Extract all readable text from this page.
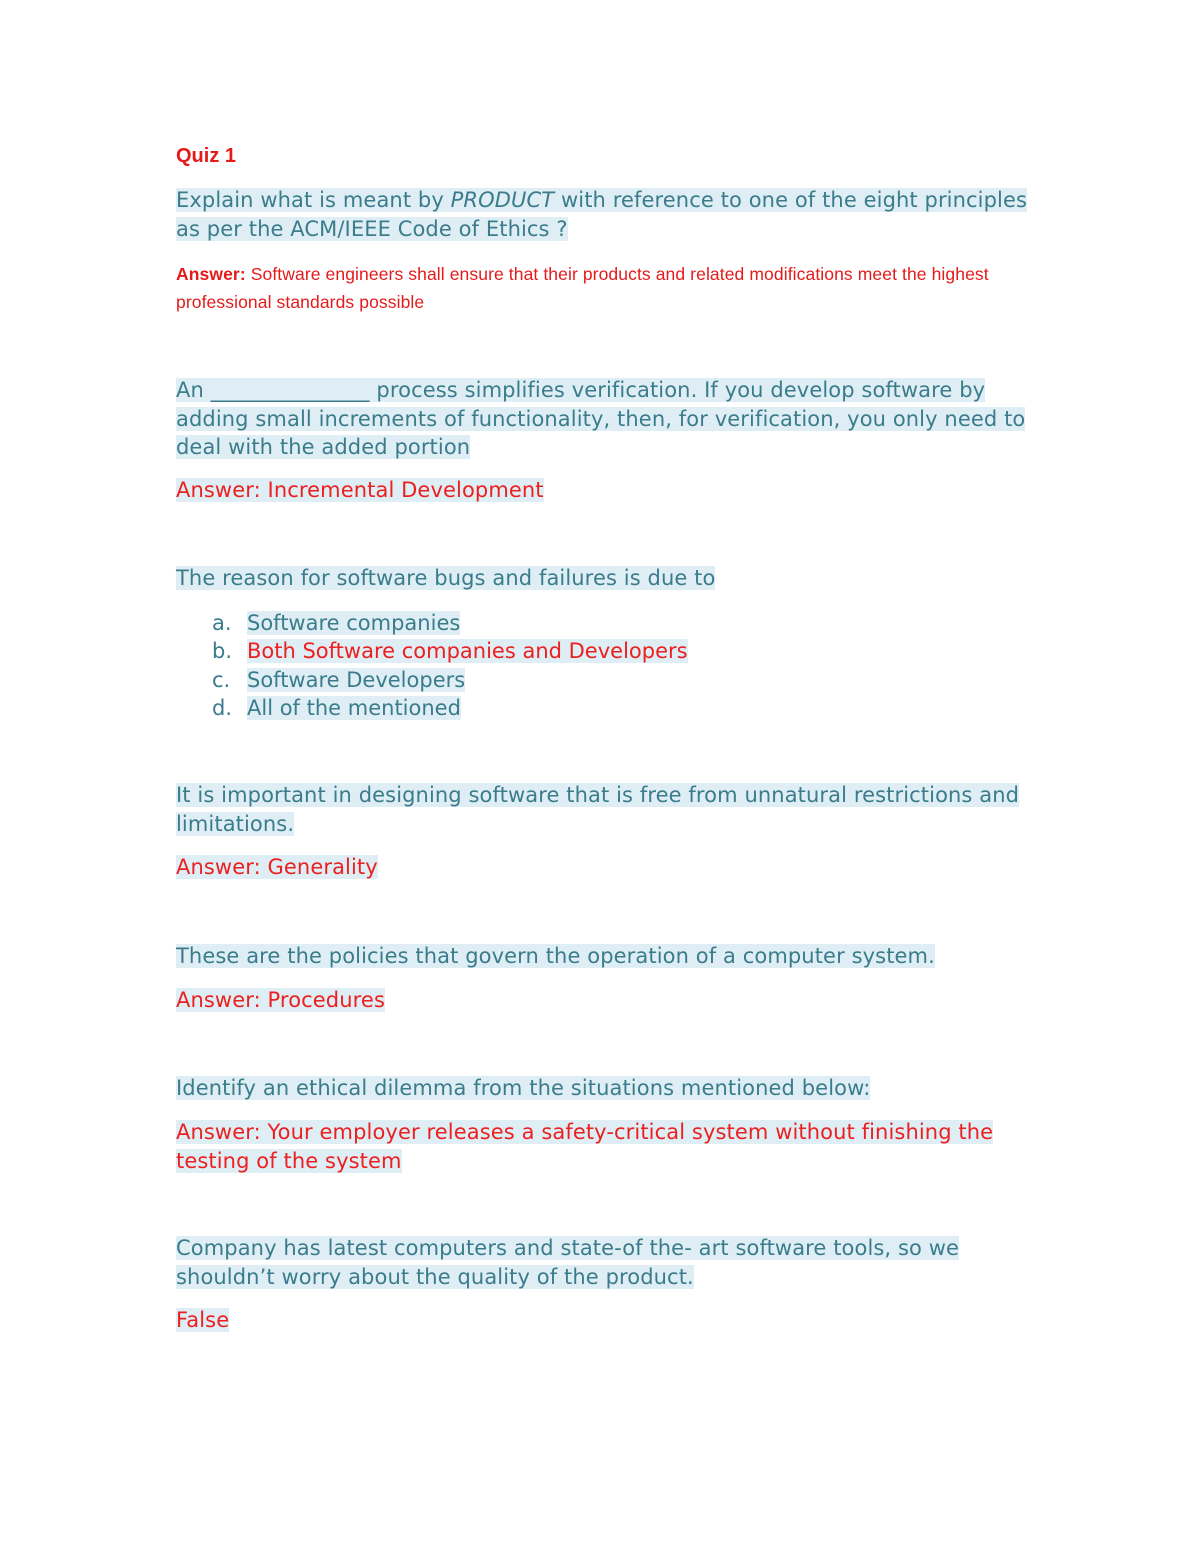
Quiz 1

Explain what is meant by PRODUCT with reference to one of the eight principles as per the ACM/IEEE Code of Ethics ?

Answer: Software engineers shall ensure that their products and related modifications meet the highest professional standards possible

An _______________ process simplifies verification. If you develop software by adding small increments of functionality, then, for verification, you only need to deal with the added portion

Answer: Incremental Development

The reason for software bugs and failures is due to

a. Software companies
b. Both Software companies and Developers
c. Software Developers
d. All of the mentioned

It is important in designing software that is free from unnatural restrictions and limitations.

Answer: Generality

These are the policies that govern the operation of a computer system.

Answer: Procedures

Identify an ethical dilemma from the situations mentioned below:

Answer: Your employer releases a safety-critical system without finishing the testing of the system

Company has latest computers and state-of the- art software tools, so we shouldn’t worry about the quality of the product.

False
